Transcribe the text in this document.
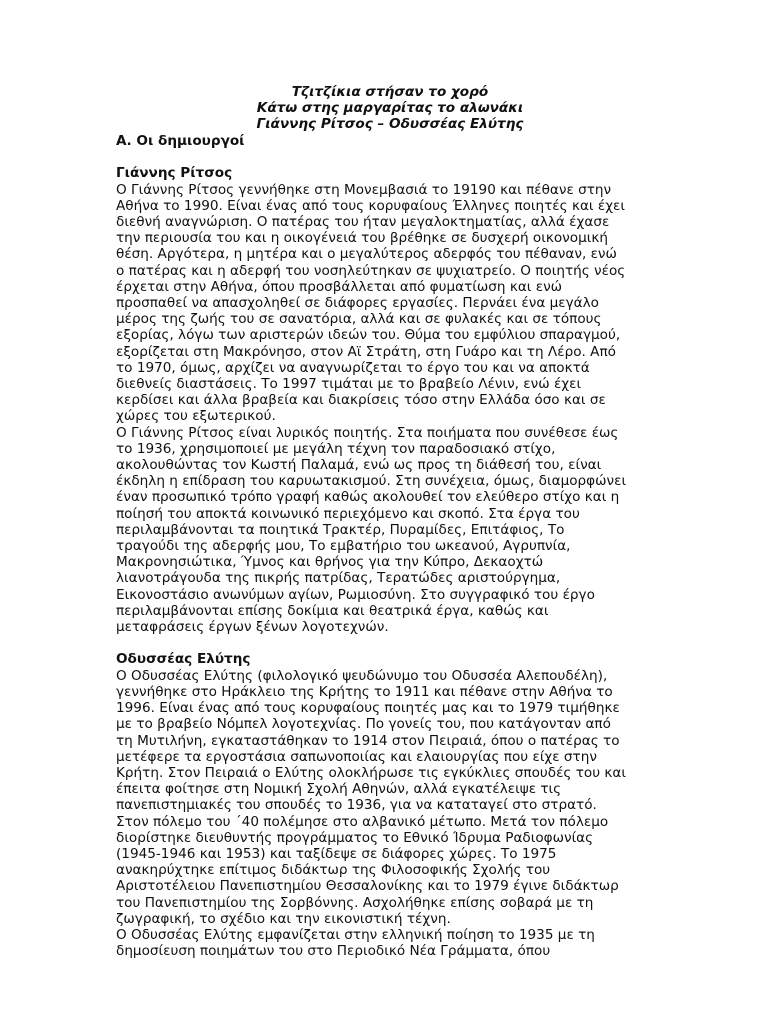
Τζιτζίκια στήσαν το χορό
Κάτω στης μαργαρίτας το αλωνάκι
Γιάννης Ρίτσος – Οδυσσέας Ελύτης
Α. Οι δημιουργοί
Γιάννης Ρίτσος
Ο Γιάννης Ρίτσος γεννήθηκε στη Μονεμβασιά το 19190 και πέθανε στην
Αθήνα το 1990. Είναι ένας από τους κορυφαίους Έλληνες ποιητές και έχει
διεθνή αναγνώριση. Ο πατέρας του ήταν μεγαλοκτηματίας, αλλά έχασε
την περιουσία του και η οικογένειά του βρέθηκε σε δυσχερή οικονομική
θέση. Αργότερα, η μητέρα και ο μεγαλύτερος αδερφός του πέθαναν, ενώ
ο πατέρας και η αδερφή του νοσηλεύτηκαν σε ψυχιατρείο. Ο ποιητής νέος
έρχεται στην Αθήνα, όπου προσβάλλεται από φυματίωση και ενώ
προσπαθεί να απασχοληθεί σε διάφορες εργασίες. Περνάει ένα μεγάλο
μέρος της ζωής του σε σανατόρια, αλλά και σε φυλακές και σε τόπους
εξορίας, λόγω των αριστερών ιδεών του. Θύμα του εμφύλιου σπαραγμού,
εξορίζεται στη Μακρόνησο, στον Αϊ Στράτη, στη Γυάρο και τη Λέρο. Από
το 1970, όμως, αρχίζει να αναγνωρίζεται το έργο του και να αποκτά
διεθνείς διαστάσεις. Το 1997 τιμάται με το βραβείο Λένιν, ενώ έχει
κερδίσει και άλλα βραβεία και διακρίσεις τόσο στην Ελλάδα όσο και σε
χώρες του εξωτερικού.
Ο Γιάννης Ρίτσος είναι λυρικός ποιητής. Στα ποιήματα που συνέθεσε έως
το 1936, χρησιμοποιεί με μεγάλη τέχνη τον παραδοσιακό στίχο,
ακολουθώντας τον Κωστή Παλαμά, ενώ ως προς τη διάθεσή του, είναι
έκδηλη η επίδραση του καρυωτακισμού. Στη συνέχεια, όμως, διαμορφώνει
έναν προσωπικό τρόπο γραφή καθώς ακολουθεί τον ελεύθερο στίχο και η
ποίησή του αποκτά κοινωνικό περιεχόμενο και σκοπό. Στα έργα του
περιλαμβάνονται τα ποιητικά Τρακτέρ, Πυραμίδες, Επιτάφιος, Το
τραγούδι της αδερφής μου, Το εμβατήριο του ωκεανού, Αγρυπνία,
Μακρονησιώτικα, Ύμνος και θρήνος για την Κύπρο, Δεκαοχτώ
λιανοτράγουδα της πικρής πατρίδας, Τερατώδες αριστούργημα,
Εικονοστάσιο ανωνύμων αγίων, Ρωμιοσύνη. Στο συγγραφικό του έργο
περιλαμβάνονται επίσης δοκίμια και θεατρικά έργα, καθώς και
μεταφράσεις έργων ξένων λογοτεχνών.
Οδυσσέας Ελύτης
Ο Οδυσσέας Ελύτης (φιλολογικό ψευδώνυμο του Οδυσσέα Αλεπουδέλη),
γεννήθηκε στο Ηράκλειο της Κρήτης το 1911 και πέθανε στην Αθήνα το
1996. Είναι ένας από τους κορυφαίους ποιητές μας και το 1979 τιμήθηκε
με το βραβείο Νόμπελ λογοτεχνίας. Πο γονείς του, που κατάγονταν από
τη Μυτιλήνη, εγκαταστάθηκαν το 1914 στον Πειραιά, όπου ο πατέρας το
μετέφερε τα εργοστάσια σαπωνοποιίας και ελαιουργίας που είχε στην
Κρήτη. Στον Πειραιά ο Ελύτης ολοκλήρωσε τις εγκύκλιες σπουδές του και
έπειτα φοίτησε στη Νομική Σχολή Αθηνών, αλλά εγκατέλειψε τις
πανεπιστημιακές του σπουδές το 1936, για να καταταγεί στο στρατό.
Στον πόλεμο του ΄40 πολέμησε στο αλβανικό μέτωπο. Μετά τον πόλεμο
διορίστηκε διευθυντής προγράμματος το Εθνικό Ίδρυμα Ραδιοφωνίας
(1945-1946 και 1953) και ταξίδεψε σε διάφορες χώρες. Το 1975
ανακηρύχτηκε επίτιμος διδάκτωρ της Φιλοσοφικής Σχολής του
Αριστοτέλειου Πανεπιστημίου Θεσσαλονίκης και το 1979 έγινε διδάκτωρ
του Πανεπιστημίου της Σορβόννης. Ασχολήθηκε επίσης σοβαρά με τη
ζωγραφική, το σχέδιο και την εικονιστική τέχνη.
Ο Οδυσσέας Ελύτης εμφανίζεται στην ελληνική ποίηση το 1935 με τη
δημοσίευση ποιημάτων του στο Περιοδικό Νέα Γράμματα, όπου
